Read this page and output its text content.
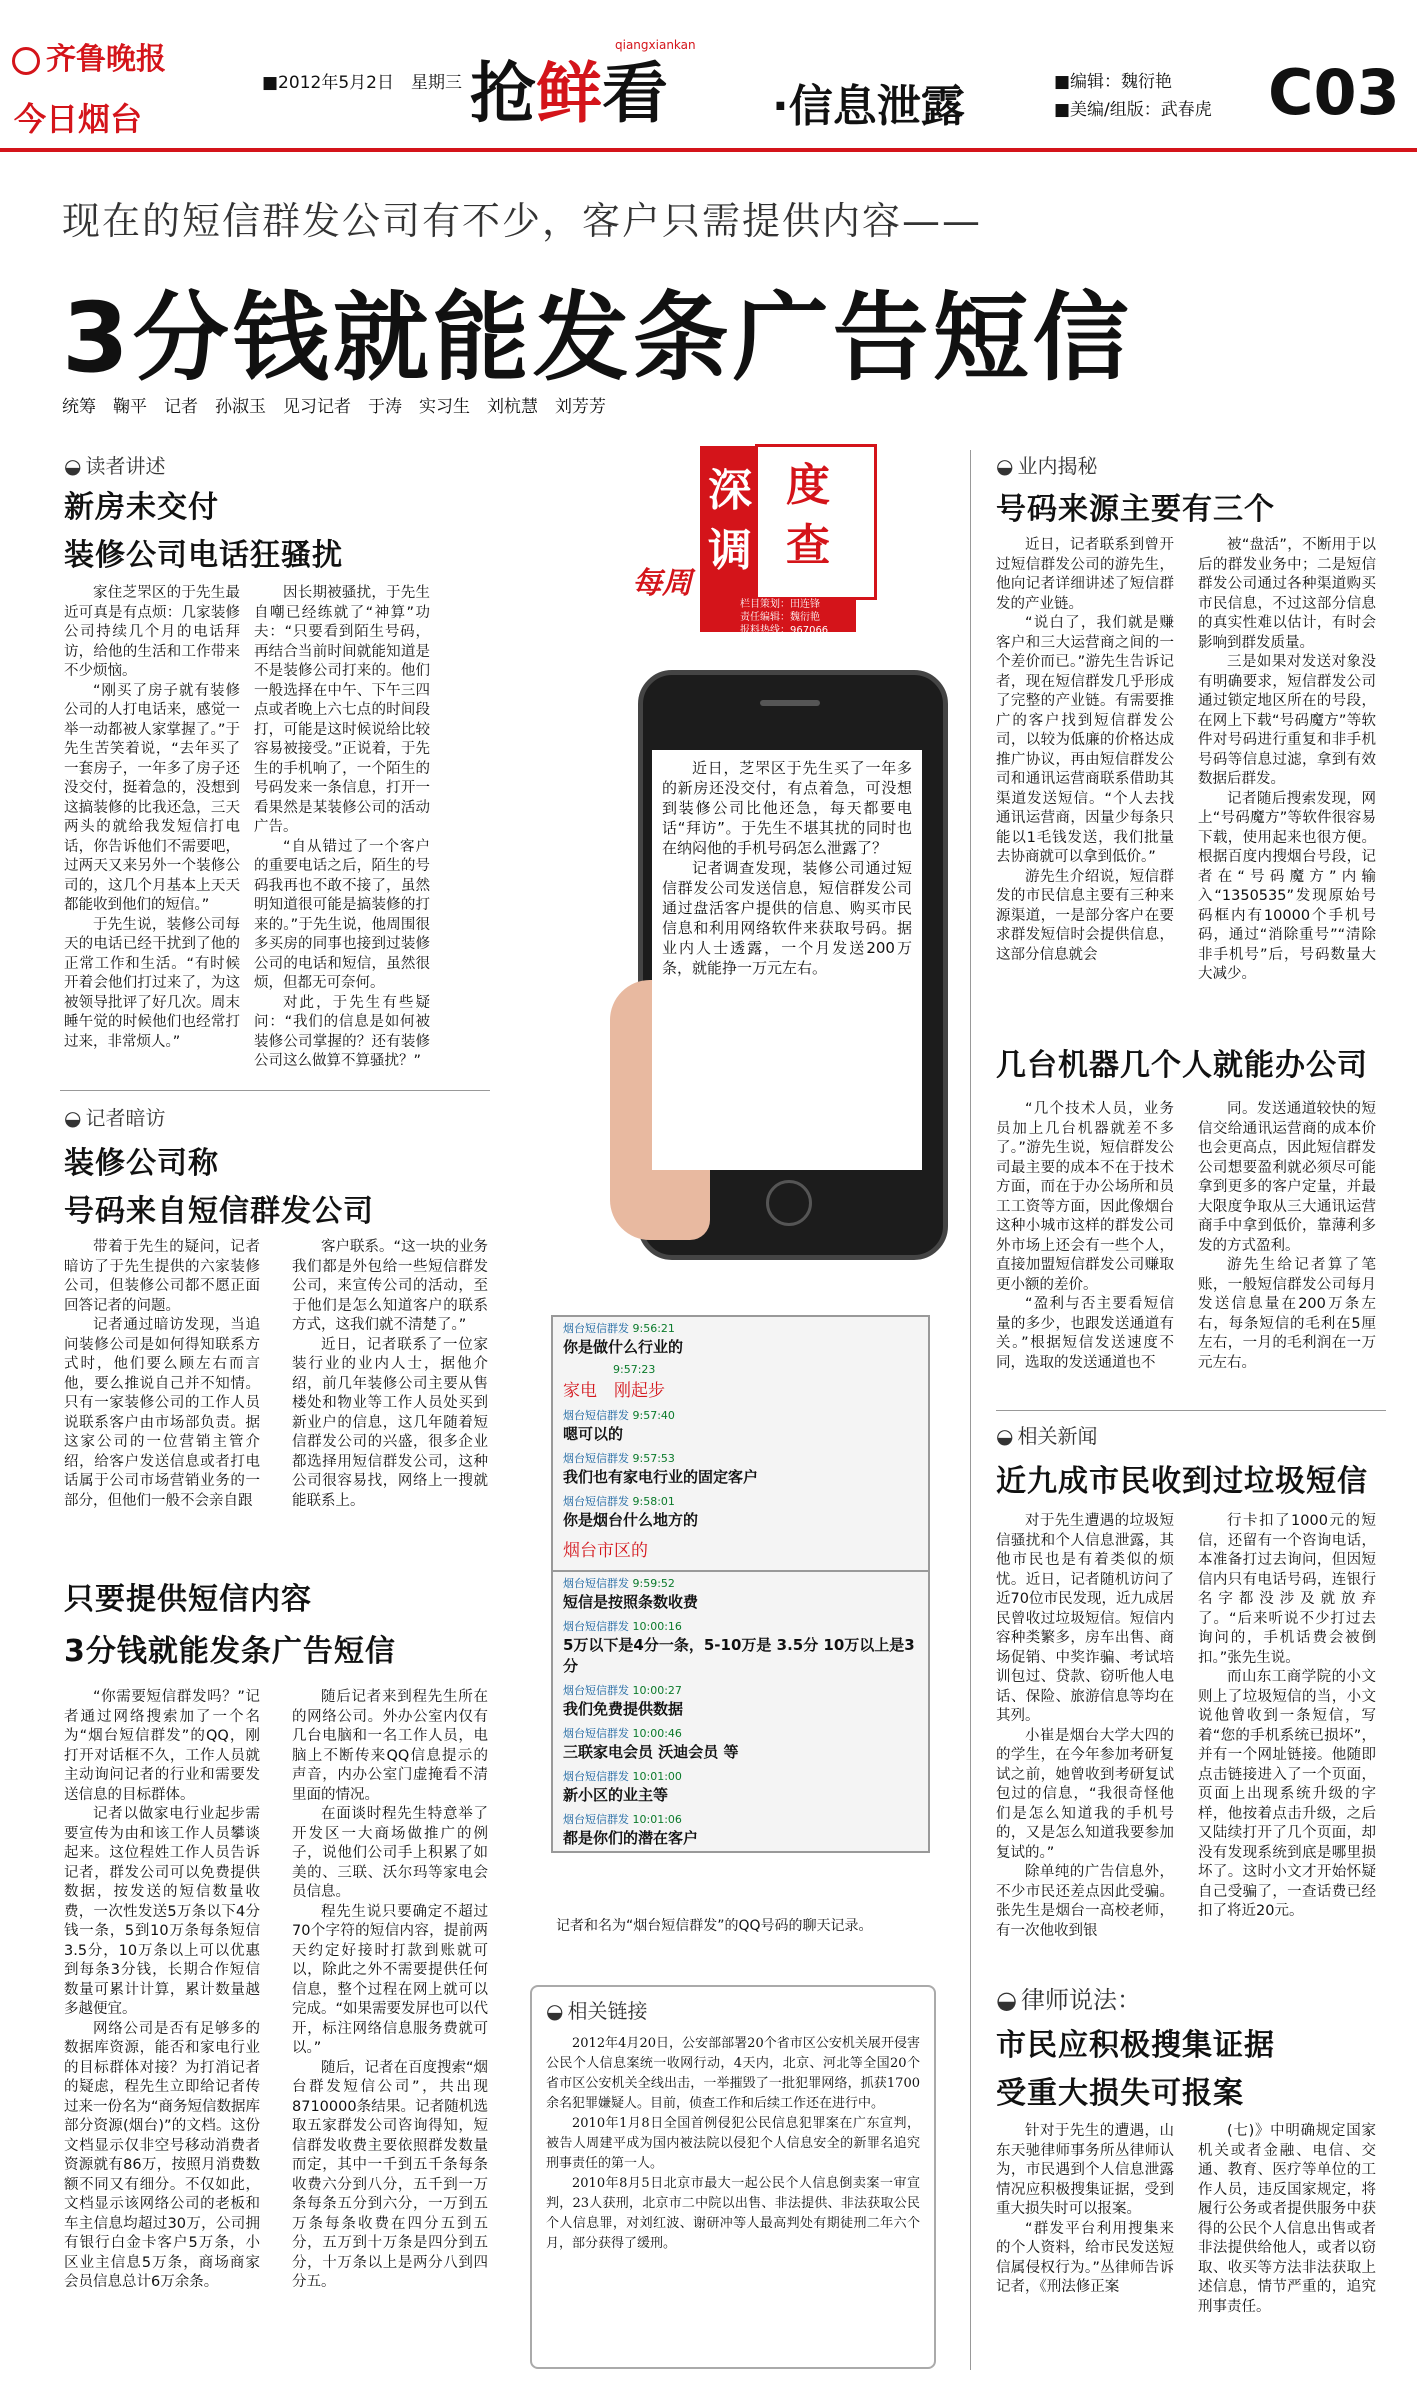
齐鲁晚报
今日烟台
■2012年5月2日　星期三 抢鲜看
qiangxiankan
·信息泄露	■编辑：魏衍艳
■美编/组版：武春虎 C03
现在的短信群发公司有不少，客户只需提供内容——
3分钱就能发条广告短信
统筹　鞠平　记者　孙淑玉　见习记者　于涛　实习生　刘杭慧　刘芳芳
◒ 读者讲述
新房未交付
装修公司电话狂骚扰

家住芝罘区的于先生最近可真是有点烦：几家装修公司持续几个月的电话拜访，给他的生活和工作带来不少烦恼。

“刚买了房子就有装修公司的人打电话来，感觉一举一动都被人家掌握了。”于先生苦笑着说，“去年买了一套房子，一年多了房子还没交付，挺着急的，没想到这搞装修的比我还急，三天两头的就给我发短信打电话，你告诉他们不需要吧，过两天又来另外一个装修公司的，这几个月基本上天天都能收到他们的短信。”

于先生说，装修公司每天的电话已经干扰到了他的正常工作和生活。“有时候开着会他们打过来了，为这被领导批评了好几次。周末睡午觉的时候他们也经常打过来，非常烦人。”

因长期被骚扰，于先生自嘲已经练就了“神算”功夫：“只要看到陌生号码，再结合当前时间就能知道是不是装修公司打来的。他们一般选择在中午、下午三四点或者晚上六七点的时间段打，可能是这时候说给比较容易被接受。”正说着，于先生的手机响了，一个陌生的号码发来一条信息，打开一看果然是某装修公司的活动广告。

“自从错过了一个客户的重要电话之后，陌生的号码我再也不敢不接了，虽然明知道很可能是搞装修的打来的。”于先生说，他周围很多买房的同事也接到过装修公司的电话和短信，虽然很烦，但都无可奈何。

对此，于先生有些疑问：“我们的信息是如何被装修公司掌握的？还有装修公司这么做算不算骚扰？”

◒ 记者暗访
装修公司称
号码来自短信群发公司

带着于先生的疑问，记者暗访了于先生提供的六家装修公司，但装修公司都不愿正面回答记者的问题。

记者通过暗访发现，当追问装修公司是如何得知联系方式时，他们要么顾左右而言他，要么推说自己并不知情。只有一家装修公司的工作人员说联系客户由市场部负责。据这家公司的一位营销主管介绍，给客户发送信息或者打电话属于公司市场营销业务的一部分，但他们一般不会亲自跟

客户联系。“这一块的业务我们都是外包给一些短信群发公司，来宣传公司的活动，至于他们是怎么知道客户的联系方式，这我们就不清楚了。”

近日，记者联系了一位家装行业的业内人士，据他介绍，前几年装修公司主要从售楼处和物业等工作人员处买到新业户的信息，这几年随着短信群发公司的兴盛，很多企业都选择用短信群发公司，这种公司很容易找，网络上一搜就能联系上。

只要提供短信内容
3分钱就能发条广告短信

“你需要短信群发吗？”记者通过网络搜索加了一个名为“烟台短信群发”的QQ，刚打开对话框不久，工作人员就主动询问记者的行业和需要发送信息的目标群体。

记者以做家电行业起步需要宣传为由和该工作人员攀谈起来。这位程姓工作人员告诉记者，群发公司可以免费提供数据，按发送的短信数量收费，一次性发送5万条以下4分钱一条，5到10万条每条短信3.5分，10万条以上可以优惠到每条3分钱，长期合作短信数量可累计计算，累计数量越多越便宜。

网络公司是否有足够多的数据库资源，能否和家电行业的目标群体对接？为打消记者的疑虑，程先生立即给记者传过来一份名为“商务短信数据库部分资源(烟台)”的文档。这份文档显示仅非空号移动消费者资源就有86万，按照月消费数额不同又有细分。不仅如此，文档显示该网络公司的老板和车主信息均超过30万，公司拥有银行白金卡客户5万条，小区业主信息5万条，商场商家会员信息总计6万余条。

随后记者来到程先生所在的网络公司。外办公室内仅有几台电脑和一名工作人员，电脑上不断传来QQ信息提示的声音，内办公室门虚掩看不清里面的情况。

在面谈时程先生特意举了开发区一大商场做推广的例子，说他们公司手上积累了如美的、三联、沃尔玛等家电会员信息。

程先生说只要确定不超过70个字符的短信内容，提前两天约定好接时打款到账就可以，除此之外不需要提供任何信息，整个过程在网上就可以完成。“如果需要发屏也可以代开，标注网络信息服务费就可以。”

随后，记者在百度搜索“烟台群发短信公司”，共出现8710000条结果。记者随机选取五家群发公司咨询得知，短信群发收费主要依照群发数量而定，其中一千到五千条每条收费六分到八分，五千到一万条每条五分到六分，一万到五万条每条收费在四分五到五分，五万到十万条是四分到五分，十万条以上是两分八到四分五。

深
调
度
查
每周
栏目策划：田连锋
责任编辑：魏衍艳
报料热线：967066
第54期

近日，芝罘区于先生买了一年多的新房还没交付，有点着急，可没想到装修公司比他还急，每天都要电话“拜访”。于先生不堪其扰的同时也在纳闷他的手机号码怎么泄露了？

记者调查发现，装修公司通过短信群发公司发送信息，短信群发公司通过盘活客户提供的信息、购买市民信息和利用网络软件来获取号码。据业内人士透露，一个月发送200万条，就能挣一万元左右。

烟台短信群发 9:56:21
你是做什么行业的
9:57:23
家电　刚起步
烟台短信群发 9:57:40
嗯可以的
烟台短信群发 9:57:53
我们也有家电行业的固定客户
烟台短信群发 9:58:01
你是烟台什么地方的
烟台市区的
烟台短信群发 9:59:52
短信是按照条数收费
烟台短信群发 10:00:16
5万以下是4分一条，5-10万是 3.5分 10万以上是3分
烟台短信群发 10:00:27
我们免费提供数据
烟台短信群发 10:00:46
三联家电会员 沃迪会员 等
烟台短信群发 10:01:00
新小区的业主等
烟台短信群发 10:01:06
都是你们的潜在客户
记者和名为“烟台短信群发”的QQ号码的聊天记录。
◒ 相关链接

2012年4月20日，公安部部署20个省市区公安机关展开侵害公民个人信息案统一收网行动，4天内，北京、河北等全国20个省市区公安机关全线出击，一举摧毁了一批犯罪网络，抓获1700余名犯罪嫌疑人。目前，侦查工作和后续工作还在进行中。

2010年1月8日全国首例侵犯公民信息犯罪案在广东宣判，被告人周建平成为国内被法院以侵犯个人信息安全的新罪名追究刑事责任的第一人。

2010年8月5日北京市最大一起公民个人信息倒卖案一审宣判，23人获刑，北京市二中院以出售、非法提供、非法获取公民个人信息罪，对刘红波、谢研冲等人最高判处有期徒刑二年六个月，部分获得了缓刑。

◒ 业内揭秘
号码来源主要有三个

近日，记者联系到曾开过短信群发公司的游先生，他向记者详细讲述了短信群发的产业链。

“说白了，我们就是赚客户和三大运营商之间的一个差价而已。”游先生告诉记者，现在短信群发几乎形成了完整的产业链。有需要推广的客户找到短信群发公司，以较为低廉的价格达成推广协议，再由短信群发公司和通讯运营商联系借助其渠道发送短信。“个人去找通讯运营商，因量少每条只能以1毛钱发送，我们批量去协商就可以拿到低价。”

游先生介绍说，短信群发的市民信息主要有三种来源渠道，一是部分客户在要求群发短信时会提供信息，这部分信息就会

被“盘活”，不断用于以后的群发业务中；二是短信群发公司通过各种渠道购买市民信息，不过这部分信息的真实性难以估计，有时会影响到群发质量。

三是如果对发送对象没有明确要求，短信群发公司通过锁定地区所在的号段，在网上下载“号码魔方”等软件对号码进行重复和非手机号码等信息过滤，拿到有效数据后群发。

记者随后搜索发现，网上“号码魔方”等软件很容易下载，使用起来也很方便。根据百度内搜烟台号段，记者在“号码魔方”内输入“1350535”发现原始号码框内有10000个手机号码，通过“消除重号”“清除非手机号”后，号码数量大大减少。

几台机器几个人就能办公司

“几个技术人员，业务员加上几台机器就差不多了。”游先生说，短信群发公司最主要的成本不在于技术方面，而在于办公场所和员工工资等方面，因此像烟台这种小城市这样的群发公司外市场上还会有一些个人，直接加盟短信群发公司赚取更小额的差价。

“盈利与否主要看短信量的多少，也跟发送通道有关。”根据短信发送速度不同，选取的发送通道也不

同。发送通道较快的短信交给通讯运营商的成本价也会更高点，因此短信群发公司想要盈利就必须尽可能拿到更多的客户定量，并最大限度争取从三大通讯运营商手中拿到低价，靠薄利多发的方式盈利。

游先生给记者算了笔账，一般短信群发公司每月发送信息量在200万条左右，每条短信的毛利在5厘左右，一月的毛利润在一万元左右。

◒ 相关新闻
近九成市民收到过垃圾短信

对于先生遭遇的垃圾短信骚扰和个人信息泄露，其他市民也是有着类似的烦忧。近日，记者随机访问了近70位市民发现，近九成居民曾收过垃圾短信。短信内容种类繁多，房车出售、商场促销、中奖诈骗、考试培训包过、贷款、窃听他人电话、保险、旅游信息等均在其列。

小崔是烟台大学大四的的学生，在今年参加考研复试之前，她曾收到考研复试包过的信息，“我很奇怪他们是怎么知道我的手机号的，又是怎么知道我要参加复试的。”

除单纯的广告信息外，不少市民还差点因此受骗。张先生是烟台一高校老师，有一次他收到银

行卡扣了1000元的短信，还留有一个咨询电话，本准备打过去询问，但因短信内只有电话号码，连银行名字都没涉及就放弃了。“后来听说不少打过去询问的，手机话费会被倒扣。”张先生说。

而山东工商学院的小文则上了垃圾短信的当，小文说他曾收到一条短信，写着“您的手机系统已损坏”，并有一个网址链接。他随即点击链接进入了一个页面，页面上出现系统升级的字样，他按着点击升级，之后又陆续打开了几个页面，却没有发现系统到底是哪里损坏了。这时小文才开始怀疑自己受骗了，一查话费已经扣了将近20元。

◒ 律师说法：
市民应积极搜集证据
受重大损失可报案

针对于先生的遭遇，山东天驰律师事务所丛律师认为，市民遇到个人信息泄露情况应积极搜集证据，受到重大损失时可以报案。

“群发平台利用搜集来的个人资料，给市民发送短信属侵权行为。”丛律师告诉记者，《刑法修正案

(七)》中明确规定国家机关或者金融、电信、交通、教育、医疗等单位的工作人员，违反国家规定，将履行公务或者提供服务中获得的公民个人信息出售或者非法提供给他人，或者以窃取、收买等方法非法获取上述信息，情节严重的，追究刑事责任。
